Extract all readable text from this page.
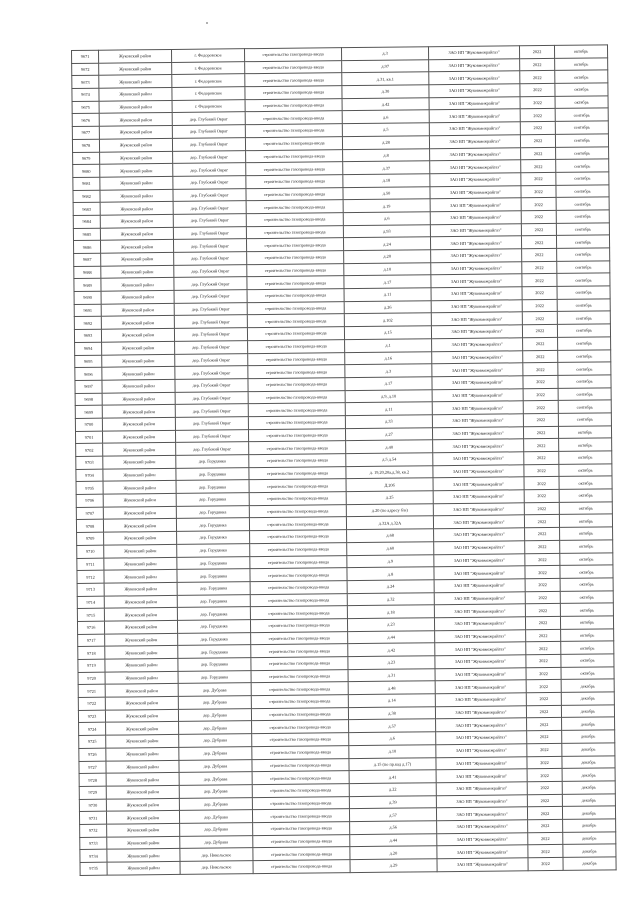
9671	Жуковский район	г. Федоровское	строительство газопровода-ввода	д.3	ЗАО НП "Жуковмежрайгаз"	2022	октябрь
9672	Жуковский район	г. Федоровское	строительство газопровода-ввода	д.97	ЗАО НП "Жуковмежрайгаз"	2022	октябрь
9673	Жуковский район	г. Федоровское	строительство газопровода-ввода	д.31, кв.1	ЗАО НП "Жуковмежрайгаз"	2022	октябрь
9674	Жуковский район	г. Федоровское	строительство газопровода-ввода	д.30	ЗАО НП "Жуковмежрайгаз"	2022	октябрь
9675	Жуковский район	г. Федоровское	строительство газопровода-ввода	д.42	ЗАО НП "Жуковмежрайгаз"	2022	октябрь
9676	Жуковский район	дер. Глубокий Овраг	строительство газопровода-ввода	д.6	ЗАО НП "Жуковмежрайгаз"	2022	сентябрь
9677	Жуковский район	дер. Глубокий Овраг	строительство газопровода-ввода	д.5	ЗАО НП "Жуковмежрайгаз"	2022	сентябрь
9678	Жуковский район	дер. Глубокий Овраг	строительство газопровода-ввода	д.28	ЗАО НП "Жуковмежрайгаз"	2022	сентябрь
9679	Жуковский район	дер. Глубокий Овраг	строительство газопровода-ввода	д.8	ЗАО НП "Жуковмежрайгаз"	2022	сентябрь
9680	Жуковский район	дер. Глубокий Овраг	строительство газопровода-ввода	д.37	ЗАО НП "Жуковмежрайгаз"	2022	сентябрь
9681	Жуковский район	дер. Глубокий Овраг	строительство газопровода-ввода	д.18	ЗАО НП "Жуковмежрайгаз"	2022	сентябрь
9682	Жуковский район	дер. Глубокий Овраг	строительство газопровода-ввода	д.50	ЗАО НП "Жуковмежрайгаз"	2022	сентябрь
9683	Жуковский район	дер. Глубокий Овраг	строительство газопровода-ввода	д.19	ЗАО НП "Жуковмежрайгаз"	2022	сентябрь
9684	Жуковский район	дер. Глубокий Овраг	строительство газопровода-ввода	д.6	ЗАО НП "Жуковмежрайгаз"	2022	сентябрь
9685	Жуковский район	дер. Глубокий Овраг	строительство газопровода-ввода	д.93	ЗАО НП "Жуковмежрайгаз"	2022	сентябрь
9686	Жуковский район	дер. Глубокий Овраг	строительство газопровода-ввода	д.24	ЗАО НП "Жуковмежрайгаз"	2022	сентябрь
9687	Жуковский район	дер. Глубокий Овраг	строительство газопровода-ввода	д.20	ЗАО НП "Жуковмежрайгаз"	2022	сентябрь
9688	Жуковский район	дер. Глубокий Овраг	строительство газопровода-ввода	д.10	ЗАО НП "Жуковмежрайгаз"	2022	сентябрь
9689	Жуковский район	дер. Глубокий Овраг	строительство газопровода-ввода	д.17	ЗАО НП "Жуковмежрайгаз"	2022	сентябрь
9690	Жуковский район	дер. Глубокий Овраг	строительство газопровода-ввода	д.11	ЗАО НП "Жуковмежрайгаз"	2022	сентябрь
9691	Жуковский район	дер. Глубокий Овраг	строительство газопровода-ввода	д.26	ЗАО НП "Жуковмежрайгаз"	2022	сентябрь
9692	Жуковский район	дер. Глубокий Овраг	строительство газопровода-ввода	д.102	ЗАО НП "Жуковмежрайгаз"	2022	сентябрь
9693	Жуковский район	дер. Глубокий Овраг	строительство газопровода-ввода	д.15	ЗАО НП "Жуковмежрайгаз"	2022	сентябрь
9694	Жуковский район	дер. Глубокий Овраг	строительство газопровода-ввода	д.1	ЗАО НП "Жуковмежрайгаз"	2022	сентябрь
9695	Жуковский район	дер. Глубокий Овраг	строительство газопровода-ввода	д.16	ЗАО НП "Жуковмежрайгаз"	2022	сентябрь
9696	Жуковский район	дер. Глубокий Овраг	строительство газопровода-ввода	д.3	ЗАО НП "Жуковмежрайгаз"	2022	сентябрь
9697	Жуковский район	дер. Глубокий Овраг	строительство газопровода-ввода	д.17	ЗАО НП "Жуковмежрайгаз"	2022	сентябрь
9698	Жуковский район	дер. Глубокий Овраг	строительство газопровода-ввода	д.9, д.10	ЗАО НП "Жуковмежрайгаз"	2022	сентябрь
9699	Жуковский район	дер. Глубокий Овраг	строительство газопровода-ввода	д.11	ЗАО НП "Жуковмежрайгаз"	2022	сентябрь
9700	Жуковский район	дер. Глубокий Овраг	строительство газопровода-ввода	д.33	ЗАО НП "Жуковмежрайгаз"	2022	сентябрь
9701	Жуковский район	дер. Глубокий Овраг	строительство газопровода-ввода	д.27	ЗАО НП "Жуковмежрайгаз"	2022	октябрь
9702	Жуковский район	дер. Глубокий Овраг	строительство газопровода-ввода	д.40	ЗАО НП "Жуковмежрайгаз"	2022	октябрь
9703	Жуковский район	дер. Горудянка	строительство газопровода-ввода	д.5 д.54	ЗАО НП "Жуковмежрайгаз"	2022	октябрь
9704	Жуковский район	дер. Горудянка	строительство газопровода-ввода	д. 19,20,20а,д.38, кв.2	ЗАО НП "Жуковмежрайгаз"	2022	октябрь
9705	Жуковский район	дер. Горудянка	строительство газопровода-ввода	Д.20б	ЗАО НП "Жуковмежрайгаз"	2022	октябрь
9706	Жуковский район	дер. Горудянка	строительство газопровода-ввода	д.25	ЗАО НП "Жуковмежрайгаз"	2022	октябрь
9707	Жуковский район	дер. Горудянка	строительство газопровода-ввода	д.20 (по адресу б\н)	ЗАО НП "Жуковмежрайгаз"	2022	октябрь
9708	Жуковский район	дер. Горудянка	строительство газопровода-ввода	д.32А д.32А	ЗАО НП "Жуковмежрайгаз"	2022	октябрь
9709	Жуковский район	дер. Горудянка	строительство газопровода-ввода	д.68	ЗАО НП "Жуковмежрайгаз"	2022	октябрь
9710	Жуковский район	дер. Горудянка	строительство газопровода-ввода	д.60	ЗАО НП "Жуковмежрайгаз"	2022	октябрь
9711	Жуковский район	дер. Горудянка	строительство газопровода-ввода	д.9	ЗАО НП "Жуковмежрайгаз"	2022	октябрь
9712	Жуковский район	дер. Горудянка	строительство газопровода-ввода	д.8	ЗАО НП "Жуковмежрайгаз"	2022	октябрь
9713	Жуковский район	дер. Горудянка	строительство газопровода-ввода	д.24	ЗАО НП "Жуковмежрайгаз"	2022	октябрь
9714	Жуковский район	дер. Горудянка	строительство газопровода-ввода	д.32	ЗАО НП "Жуковмежрайгаз"	2022	октябрь
9715	Жуковский район	дер. Горудянка	строительство газопровода-ввода	д.18	ЗАО НП "Жуковмежрайгаз"	2022	октябрь
9716	Жуковский район	дер. Горудянка	строительство газопровода-ввода	д.23	ЗАО НП "Жуковмежрайгаз"	2022	октябрь
9717	Жуковский район	дер. Горудянка	строительство газопровода-ввода	д.44	ЗАО НП "Жуковмежрайгаз"	2022	октябрь
9718	Жуковский район	дер. Горудянка	строительство газопровода-ввода	д.42	ЗАО НП "Жуковмежрайгаз"	2022	октябрь
9719	Жуковский район	дер. Горудянка	строительство газопровода-ввода	д.23	ЗАО НП "Жуковмежрайгаз"	2022	октябрь
9720	Жуковский район	дер. Горудянка	строительство газопровода-ввода	д.31	ЗАО НП "Жуковмежрайгаз"	2022	октябрь
9721	Жуковский район	дер. Дубрава	строительство газопровода-ввода	д.48	ЗАО НП "Жуковмежрайгаз"	2022	декабрь
9722	Жуковский район	дер. Дубрава	строительство газопровода-ввода	д.14	ЗАО НП "Жуковмежрайгаз"	2022	декабрь
9723	Жуковский район	дер. Дубрава	строительство газопровода-ввода	д.38	ЗАО НП "Жуковмежрайгаз"	2022	декабрь
9724	Жуковский район	дер. Дубрава	строительство газопровода-ввода	д.57	ЗАО НП "Жуковмежрайгаз"	2022	декабрь
9725	Жуковский район	дер. Дубрава	строительство газопровода-ввода	д.6	ЗАО НП "Жуковмежрайгаз"	2022	декабрь
9726	Жуковский район	дер. Дубрава	строительство газопровода-ввода	д.10	ЗАО НП "Жуковмежрайгаз"	2022	декабрь
9727	Жуковский район	дер. Дубрава	строительство газопровода-ввода	д.15 (по пр.кад д.17)	ЗАО НП "Жуковмежрайгаз"	2022	декабрь
9728	Жуковский район	дер. Дубрава	строительство газопровода-ввода	д.41	ЗАО НП "Жуковмежрайгаз"	2022	декабрь
9729	Жуковский район	дер. Дубрава	строительство газопровода-ввода	д.22	ЗАО НП "Жуковмежрайгаз"	2022	декабрь
9730	Жуковский район	дер. Дубрава	строительство газопровода-ввода	д.39	ЗАО НП "Жуковмежрайгаз"	2022	декабрь
9731	Жуковский район	дер. Дубрава	строительство газопровода-ввода	д.57	ЗАО НП "Жуковмежрайгаз"	2022	декабрь
9732	Жуковский район	дер. Дубрава	строительство газопровода-ввода	д.56	ЗАО НП "Жуковмежрайгаз"	2022	декабрь
9733	Жуковский район	дер. Дубрава	строительство газопровода-ввода	д.44	ЗАО НП "Жуковмежрайгаз"	2022	декабрь
9734	Жуковский район	дер. Никольское	строительство газопровода-ввода	д.20	ЗАО НП "Жуковмежрайгаз"	2022	декабрь
9735	Жуковский район	дер. Никольское	строительство газопровода-ввода	д.29	ЗАО НП "Жуковмежрайгаз"	2022	декабрь
